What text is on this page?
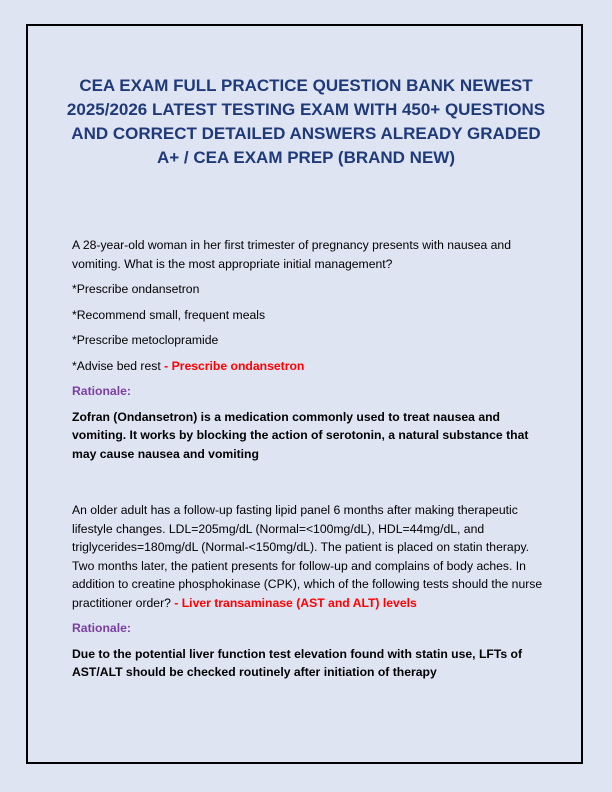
CEA EXAM FULL PRACTICE QUESTION BANK NEWEST 2025/2026 LATEST TESTING EXAM WITH 450+ QUESTIONS AND CORRECT DETAILED ANSWERS ALREADY GRADED A+ / CEA EXAM PREP (BRAND NEW)

A 28-year-old woman in her first trimester of pregnancy presents with nausea and vomiting. What is the most appropriate initial management?

*Prescribe ondansetron

*Recommend small, frequent meals

*Prescribe metoclopramide

*Advise bed rest - Prescribe ondansetron

Rationale:

Zofran (Ondansetron) is a medication commonly used to treat nausea and vomiting. It works by blocking the action of serotonin, a natural substance that may cause nausea and vomiting

An older adult has a follow-up fasting lipid panel 6 months after making therapeutic lifestyle changes. LDL=205mg/dL (Normal=<100mg/dL), HDL=44mg/dL, and triglycerides=180mg/dL (Normal-<150mg/dL). The patient is placed on statin therapy. Two months later, the patient presents for follow-up and complains of body aches. In addition to creatine phosphokinase (CPK), which of the following tests should the nurse practitioner order? - Liver transaminase (AST and ALT) levels

Rationale:

Due to the potential liver function test elevation found with statin use, LFTs of AST/ALT should be checked routinely after initiation of therapy
